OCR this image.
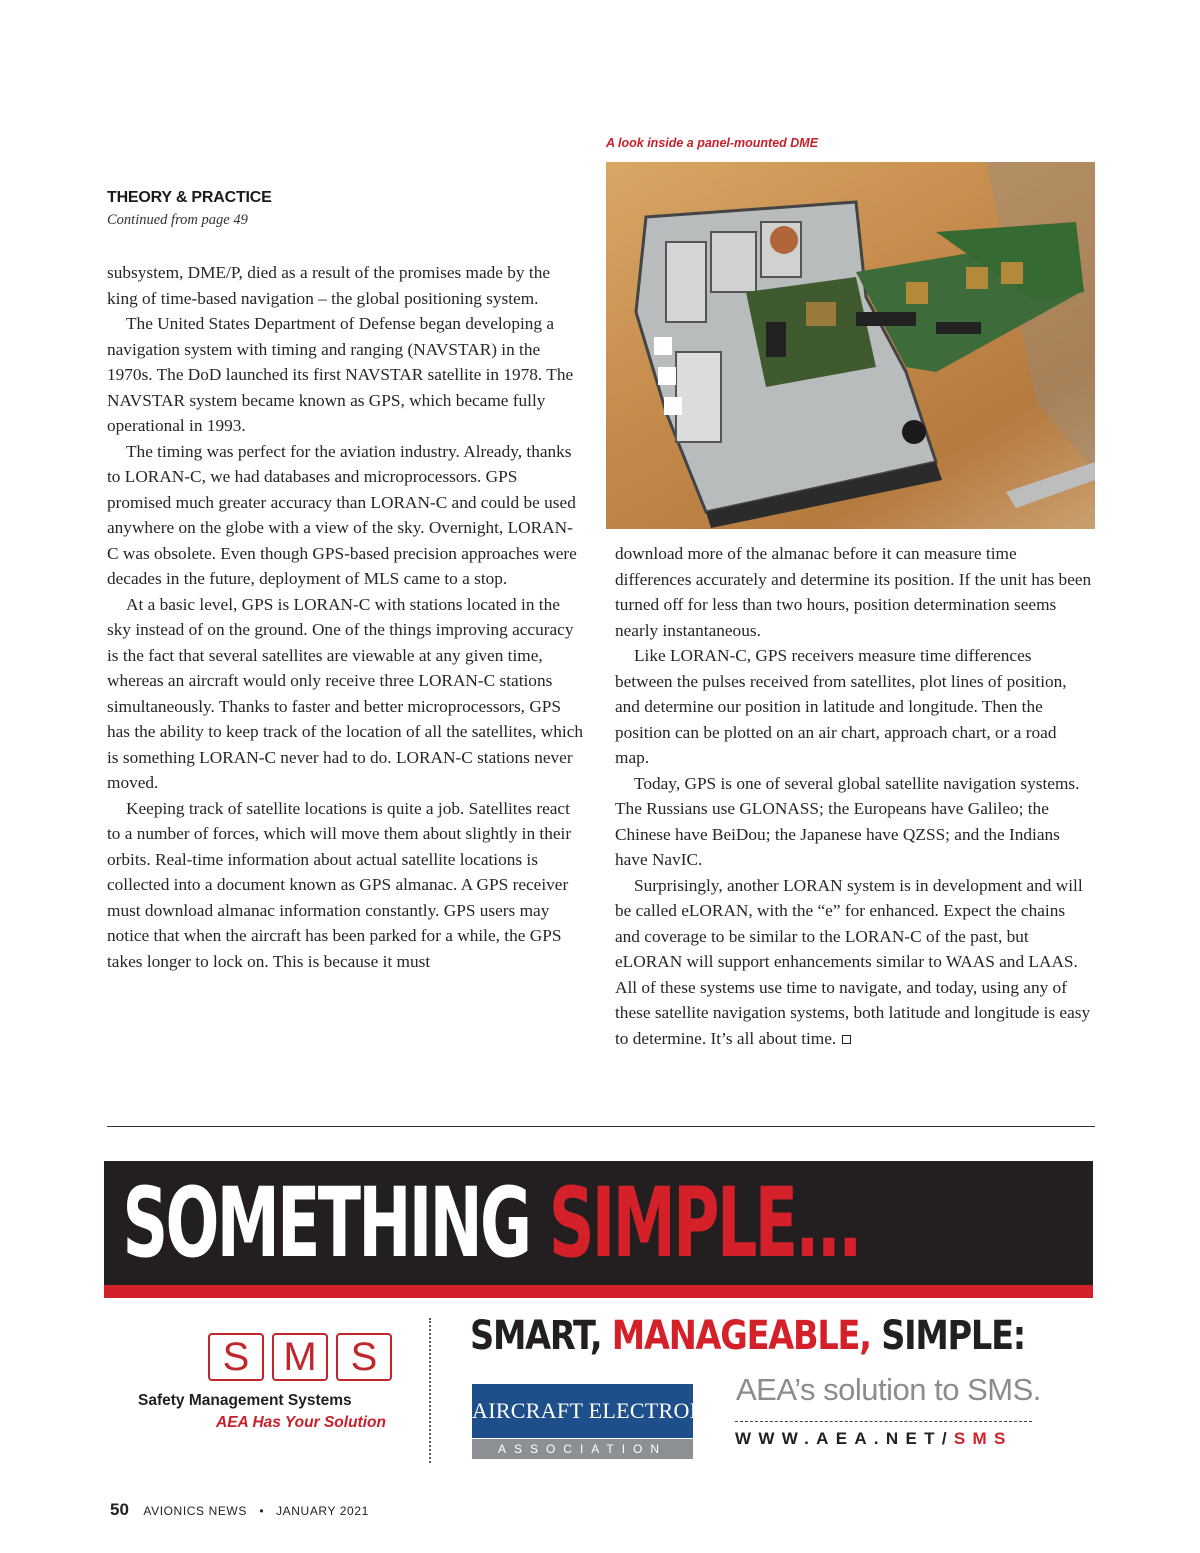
THEORY & PRACTICE
Continued from page 49
A look inside a panel-mounted DME

subsystem, DME/P, died as a result of the promises made by the king of time-based navigation – the global positioning system.

The United States Department of Defense began developing a navigation system with timing and ranging (NAVSTAR) in the 1970s. The DoD launched its first NAVSTAR satellite in 1978. The NAVSTAR system became known as GPS, which became fully operational in 1993.

The timing was perfect for the aviation industry. Already, thanks to LORAN-C, we had databases and microprocessors. GPS promised much greater accuracy than LORAN-C and could be used anywhere on the globe with a view of the sky. Overnight, LORAN-C was obsolete. Even though GPS-based precision approaches were decades in the future, deployment of MLS came to a stop.

At a basic level, GPS is LORAN-C with stations located in the sky instead of on the ground. One of the things improving accuracy is the fact that several satellites are viewable at any given time, whereas an aircraft would only receive three LORAN-C stations simultaneously. Thanks to faster and better microprocessors, GPS has the ability to keep track of the location of all the satellites, which is something LORAN-C never had to do. LORAN-C stations never moved.

Keeping track of satellite locations is quite a job. Satellites react to a number of forces, which will move them about slightly in their orbits. Real-time information about actual satellite locations is collected into a document known as GPS almanac. A GPS receiver must download almanac information constantly. GPS users may notice that when the aircraft has been parked for a while, the GPS takes longer to lock on. This is because it must

download more of the almanac before it can measure time differences accurately and determine its position. If the unit has been turned off for less than two hours, position determination seems nearly instantaneous.

Like LORAN-C, GPS receivers measure time differences between the pulses received from satellites, plot lines of position, and determine our position in latitude and longitude. Then the position can be plotted on an air chart, approach chart, or a road map.

Today, GPS is one of several global satellite navigation systems. The Russians use GLONASS; the Europeans have Galileo; the Chinese have BeiDou; the Japanese have QZSS; and the Indians have NavIC.

Surprisingly, another LORAN system is in development and will be called eLORAN, with the “e” for enhanced. Expect the chains and coverage to be similar to the LORAN-C of the past, but eLORAN will support enhancements similar to WAAS and LAAS. All of these systems use time to navigate, and today, using any of these satellite navigation systems, both latitude and longitude is easy to determine. It’s all about time.

SOMETHING SIMPLE...
S M S
Safety Management Systems
AEA Has Your Solution
SMART, MANAGEABLE, SIMPLE:
AIRCRAFT ELECTRONICS
ASSOCIATION
AEA’s solution to SMS.
WWW.AEA.NET/SMS
50 AVIONICS NEWS • JANUARY 2021
